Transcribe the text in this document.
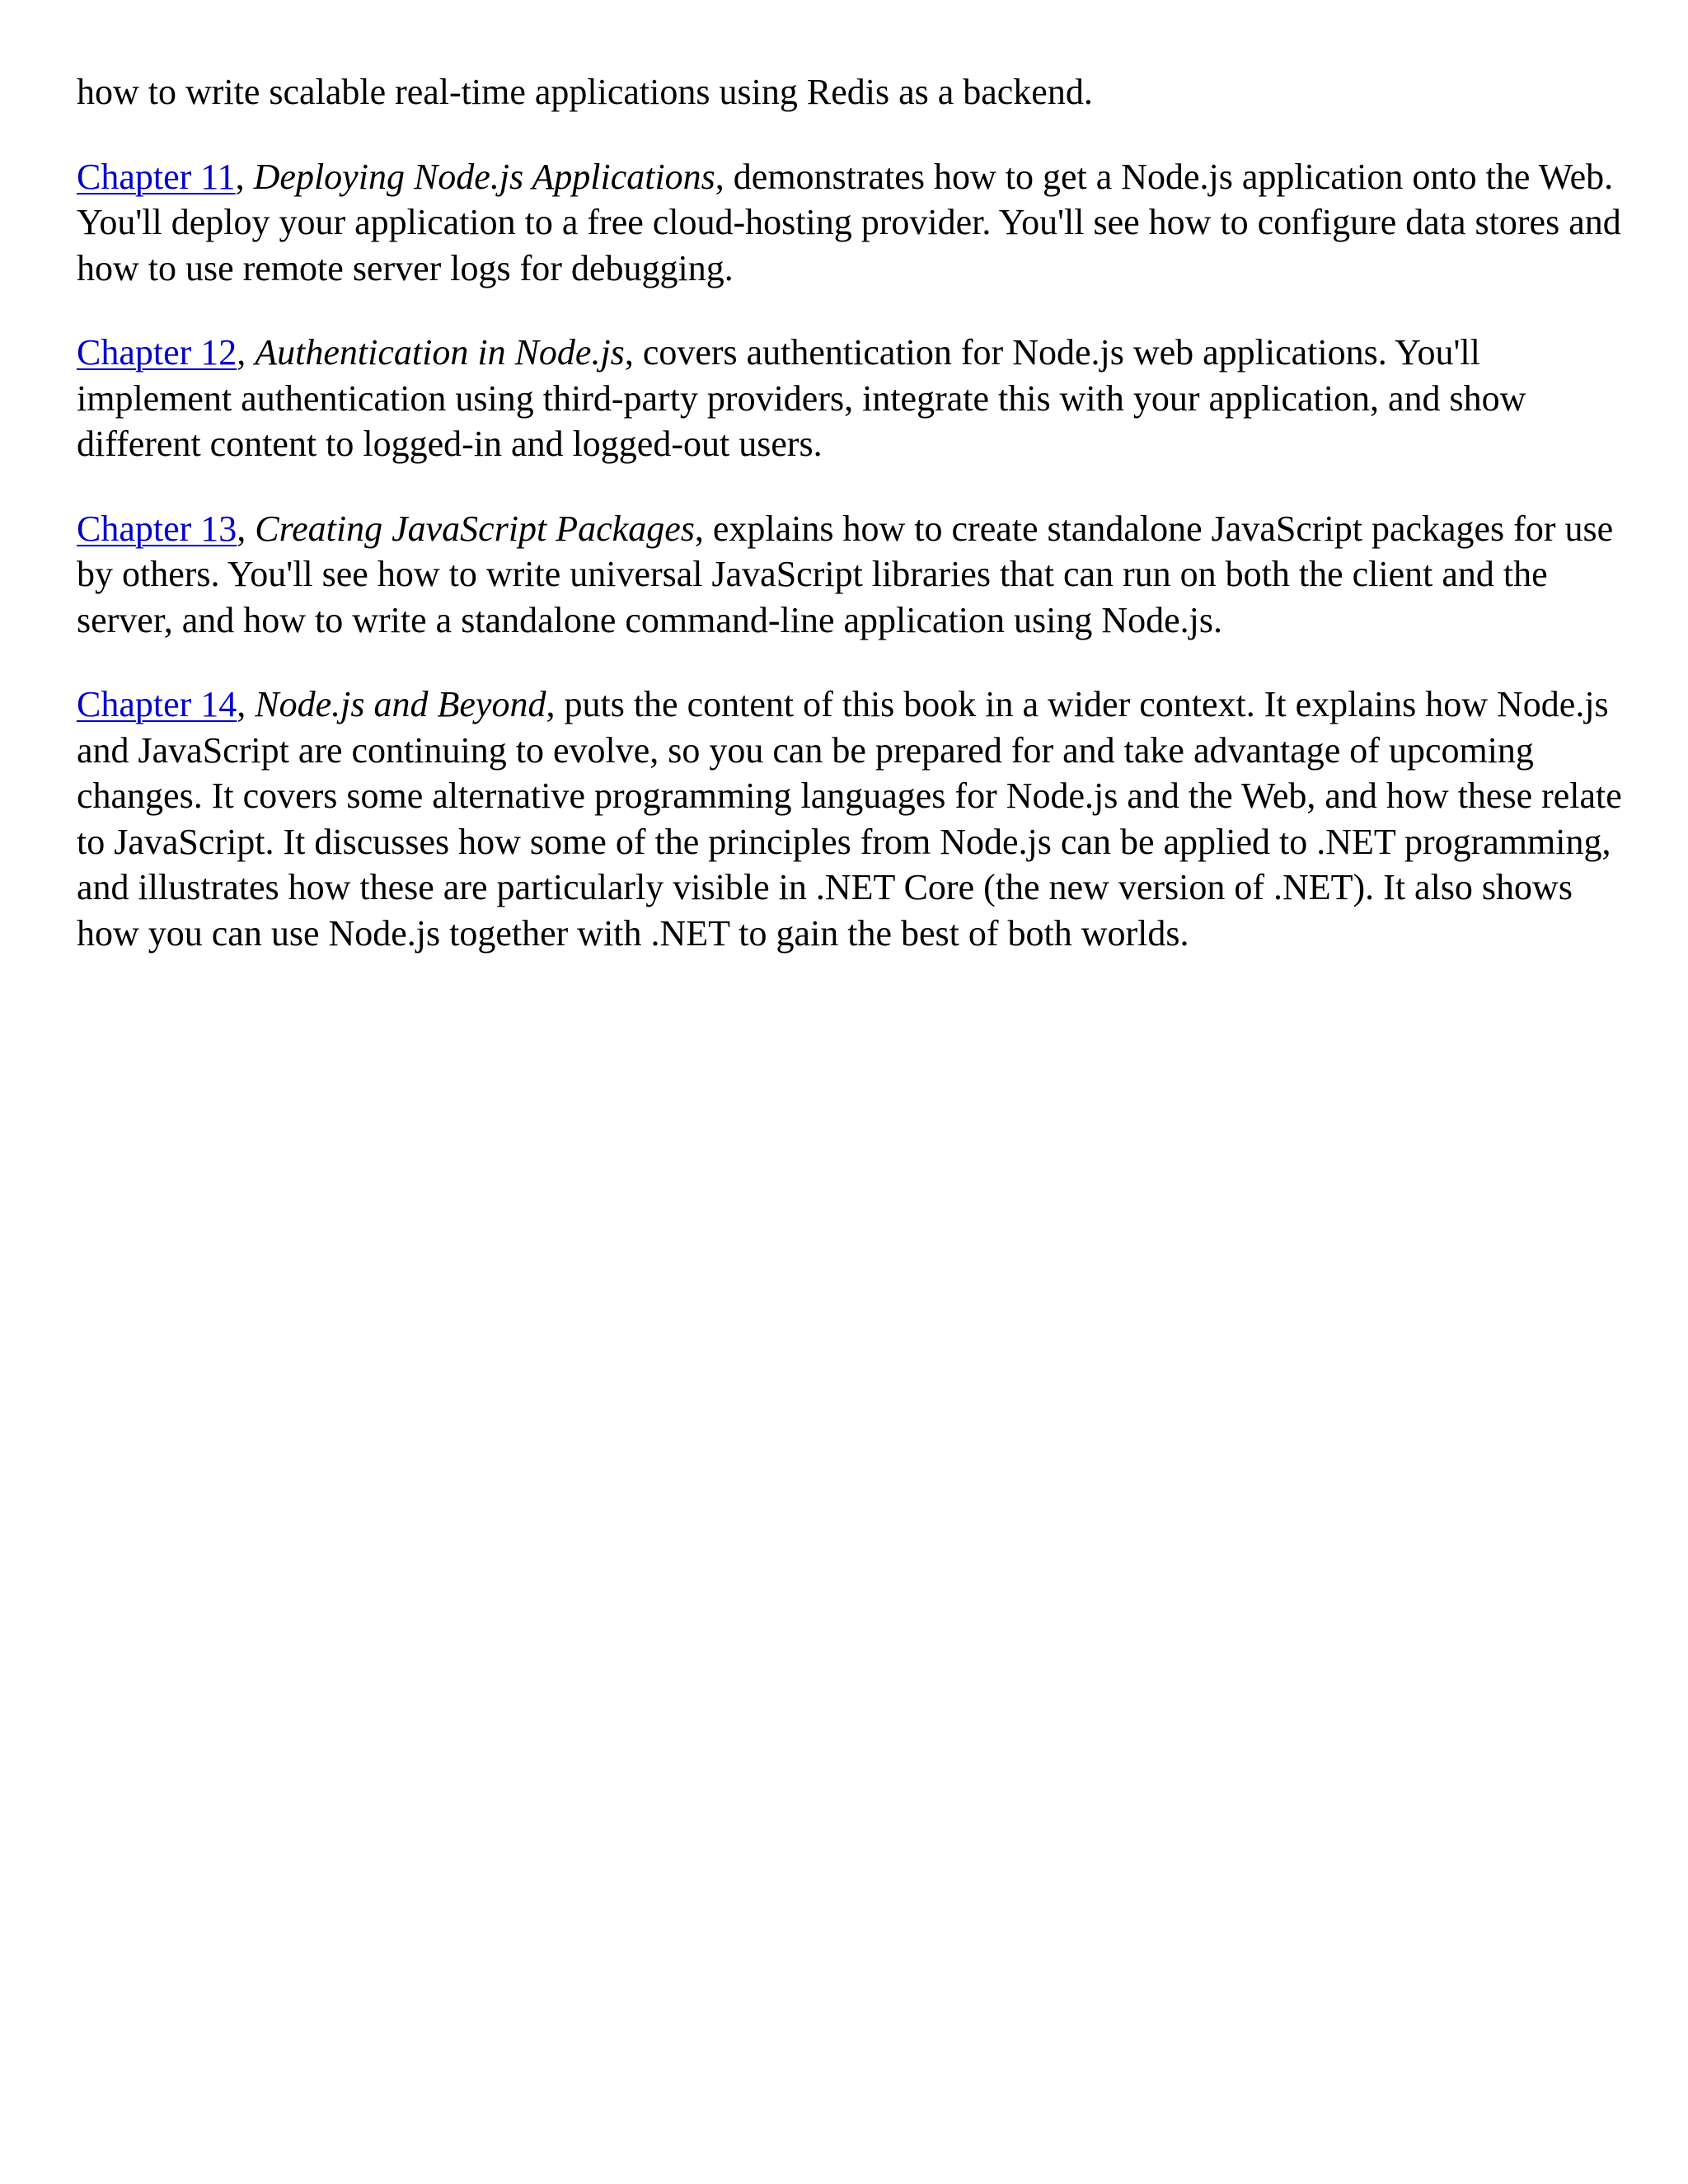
how to write scalable real-time applications using Redis as a backend.

Chapter 11, Deploying Node.js Applications, demonstrates how to get a Node.js application onto the Web. You'll deploy your application to a free cloud-hosting provider. You'll see how to configure data stores and how to use remote server logs for debugging.

Chapter 12, Authentication in Node.js, covers authentication for Node.js web applications. You'll implement authentication using third-party providers, integrate this with your application, and show different content to logged-in and logged-out users.

Chapter 13, Creating JavaScript Packages, explains how to create standalone JavaScript packages for use by others. You'll see how to write universal JavaScript libraries that can run on both the client and the server, and how to write a standalone command-line application using Node.js.

Chapter 14, Node.js and Beyond, puts the content of this book in a wider context. It explains how Node.js and JavaScript are continuing to evolve, so you can be prepared for and take advantage of upcoming changes. It covers some alternative programming languages for Node.js and the Web, and how these relate to JavaScript. It discusses how some of the principles from Node.js can be applied to .NET programming, and illustrates how these are particularly visible in .NET Core (the new version of .NET). It also shows how you can use Node.js together with .NET to gain the best of both worlds.
